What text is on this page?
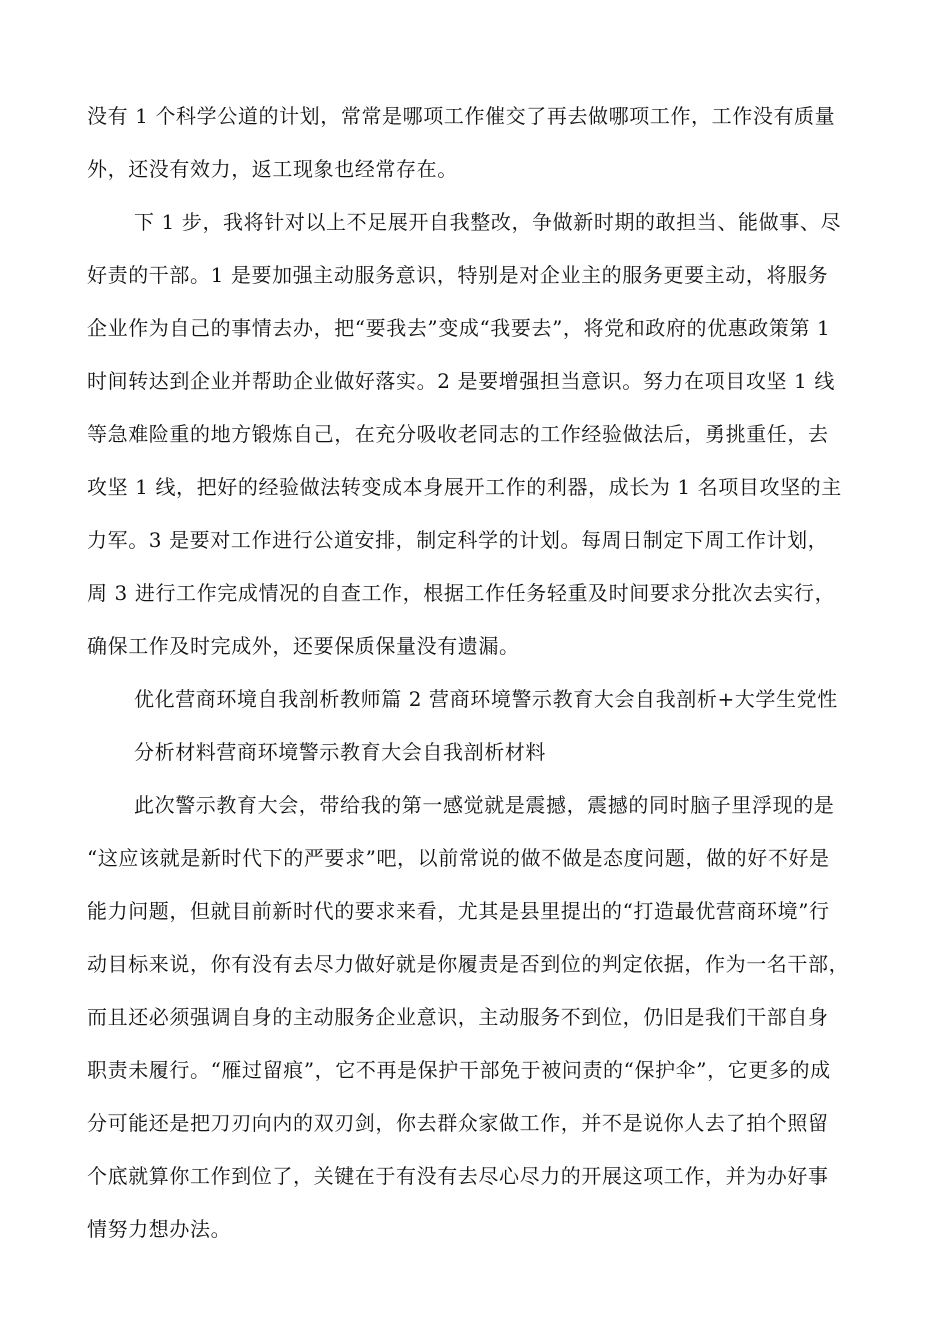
没有 1 个科学公道的计划，常常是哪项工作催交了再去做哪项工作，工作没有质量
外，还没有效力，返工现象也经常存在。
下 1 步，我将针对以上不足展开自我整改，争做新时期的敢担当、能做事、尽
好责的干部。1 是要加强主动服务意识，特别是对企业主的服务更要主动，将服务
企业作为自己的事情去办，把“要我去”变成“我要去”，将党和政府的优惠政策第 1
时间转达到企业并帮助企业做好落实。2 是要增强担当意识。努力在项目攻坚 1 线
等急难险重的地方锻炼自己，在充分吸收老同志的工作经验做法后，勇挑重任，去
攻坚 1 线，把好的经验做法转变成本身展开工作的利器，成长为 1 名项目攻坚的主
力军。3 是要对工作进行公道安排，制定科学的计划。每周日制定下周工作计划，
周 3 进行工作完成情况的自查工作，根据工作任务轻重及时间要求分批次去实行，
确保工作及时完成外，还要保质保量没有遗漏。
优化营商环境自我剖析教师篇 2 营商环境警示教育大会自我剖析+大学生党性
分析材料营商环境警示教育大会自我剖析材料
此次警示教育大会，带给我的第一感觉就是震撼，震撼的同时脑子里浮现的是
“这应该就是新时代下的严要求”吧，以前常说的做不做是态度问题，做的好不好是
能力问题，但就目前新时代的要求来看，尤其是县里提出的“打造最优营商环境”行
动目标来说，你有没有去尽力做好就是你履责是否到位的判定依据，作为一名干部，
而且还必须强调自身的主动服务企业意识，主动服务不到位，仍旧是我们干部自身
职责未履行。“雁过留痕”，它不再是保护干部免于被问责的“保护伞”，它更多的成
分可能还是把刀刃向内的双刃剑，你去群众家做工作，并不是说你人去了拍个照留
个底就算你工作到位了，关键在于有没有去尽心尽力的开展这项工作，并为办好事
情努力想办法。
